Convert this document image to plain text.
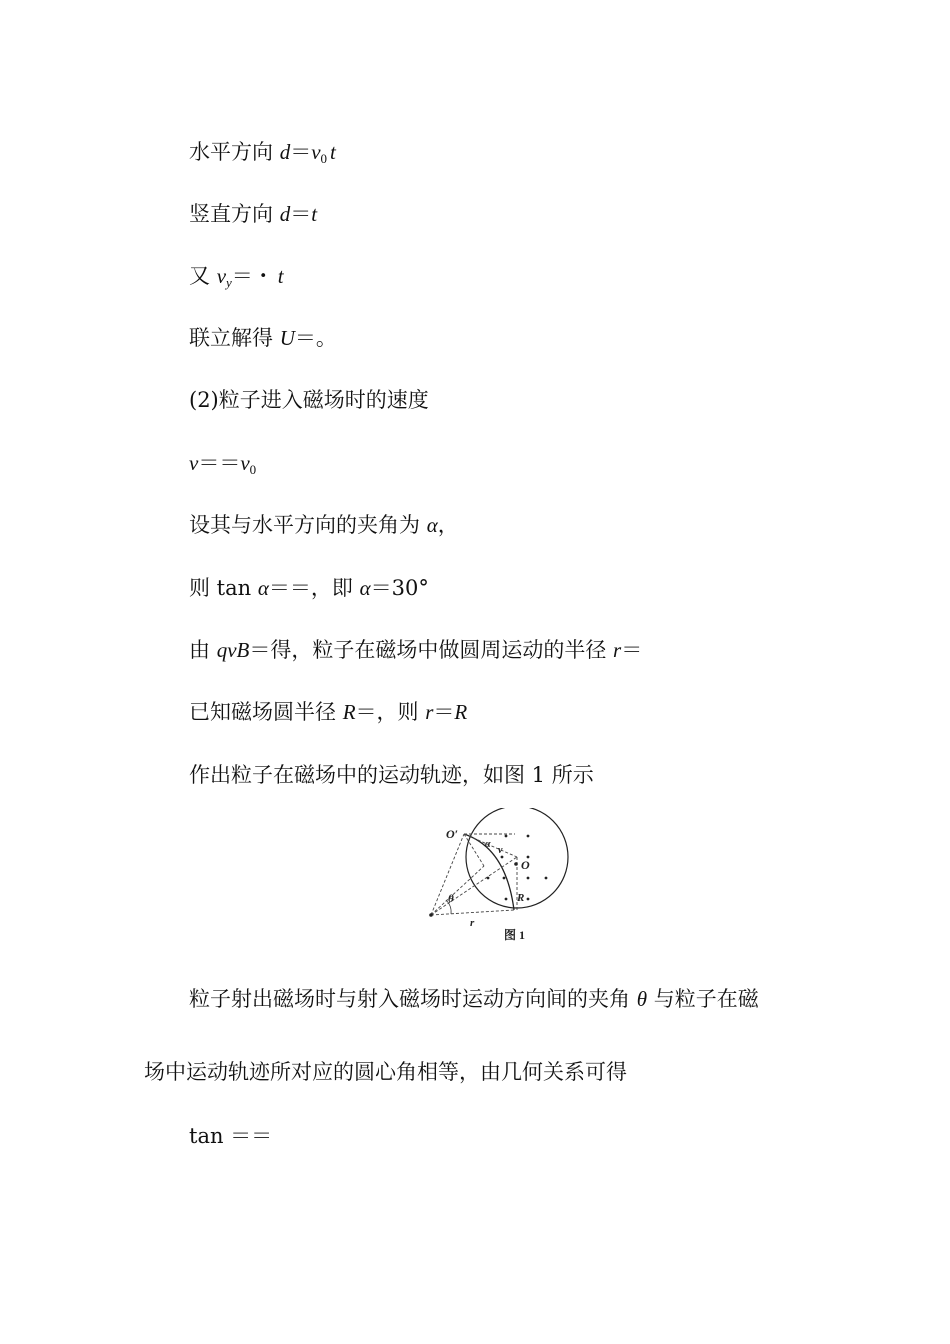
水平方向 $d=v_0$ t
竖直方向 d＝t
又 vy＝・ t
联立解得 U＝。
(2)粒子进入磁场时的速度
$v==v_0$
设其与水平方向的夹角为 α，
则 tan α＝＝，即 α＝30°
由 qvB＝得，粒子在磁场中做圆周运动的半径 r＝
已知磁场圆半径 R＝，则 r＝R
作出粒子在磁场中的运动轨迹，如图 1 所示
O′
α
v
O
θ	R
r
图 1
粒子射出磁场时与射入磁场时运动方向间的夹角 θ 与粒子在磁
场中运动轨迹所对应的圆心角相等，由几何关系可得
tan ＝＝
